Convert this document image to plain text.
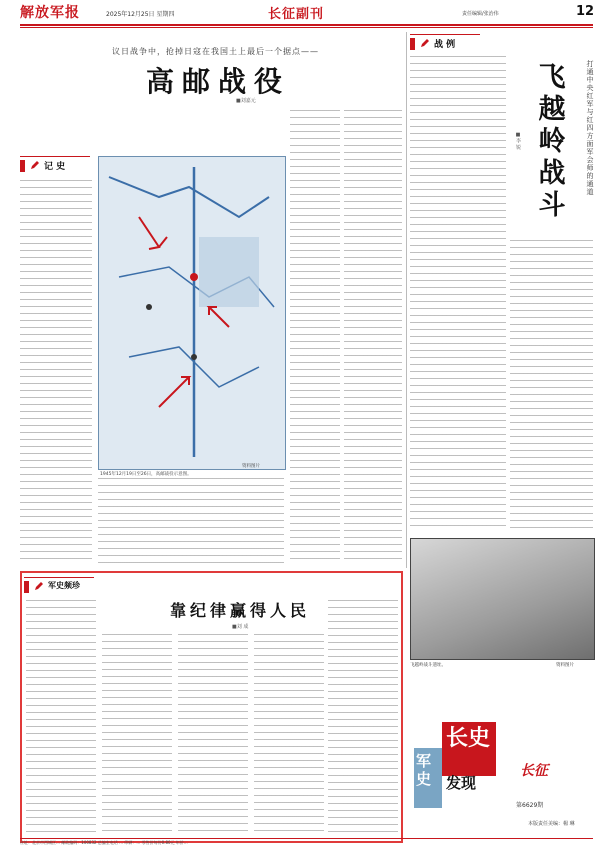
解放军报	2025年12月25日 星期四	长征副刊	责任编辑/张治伟	12
议日战争中，抢掉日寇在我国土上最后一个据点——
高邮战役
■刘嘉元
记 史
资料图片
1945年12月19日至26日，高邮战役示意图。
战 例
飞越岭战斗
打通中央红军与红四方面军会师的通道
■李 锐
飞越岭战斗遗址。	资料图片
军史频珍
靠纪律赢得人民
■刘 成
军史
长史
发现
长征
第6629期
本版责任美编：楊 琳
社址：北京市西城区… 邮政编码：100832 总编室电话 … 印刷：… 零售价每份0.80元 年价…
